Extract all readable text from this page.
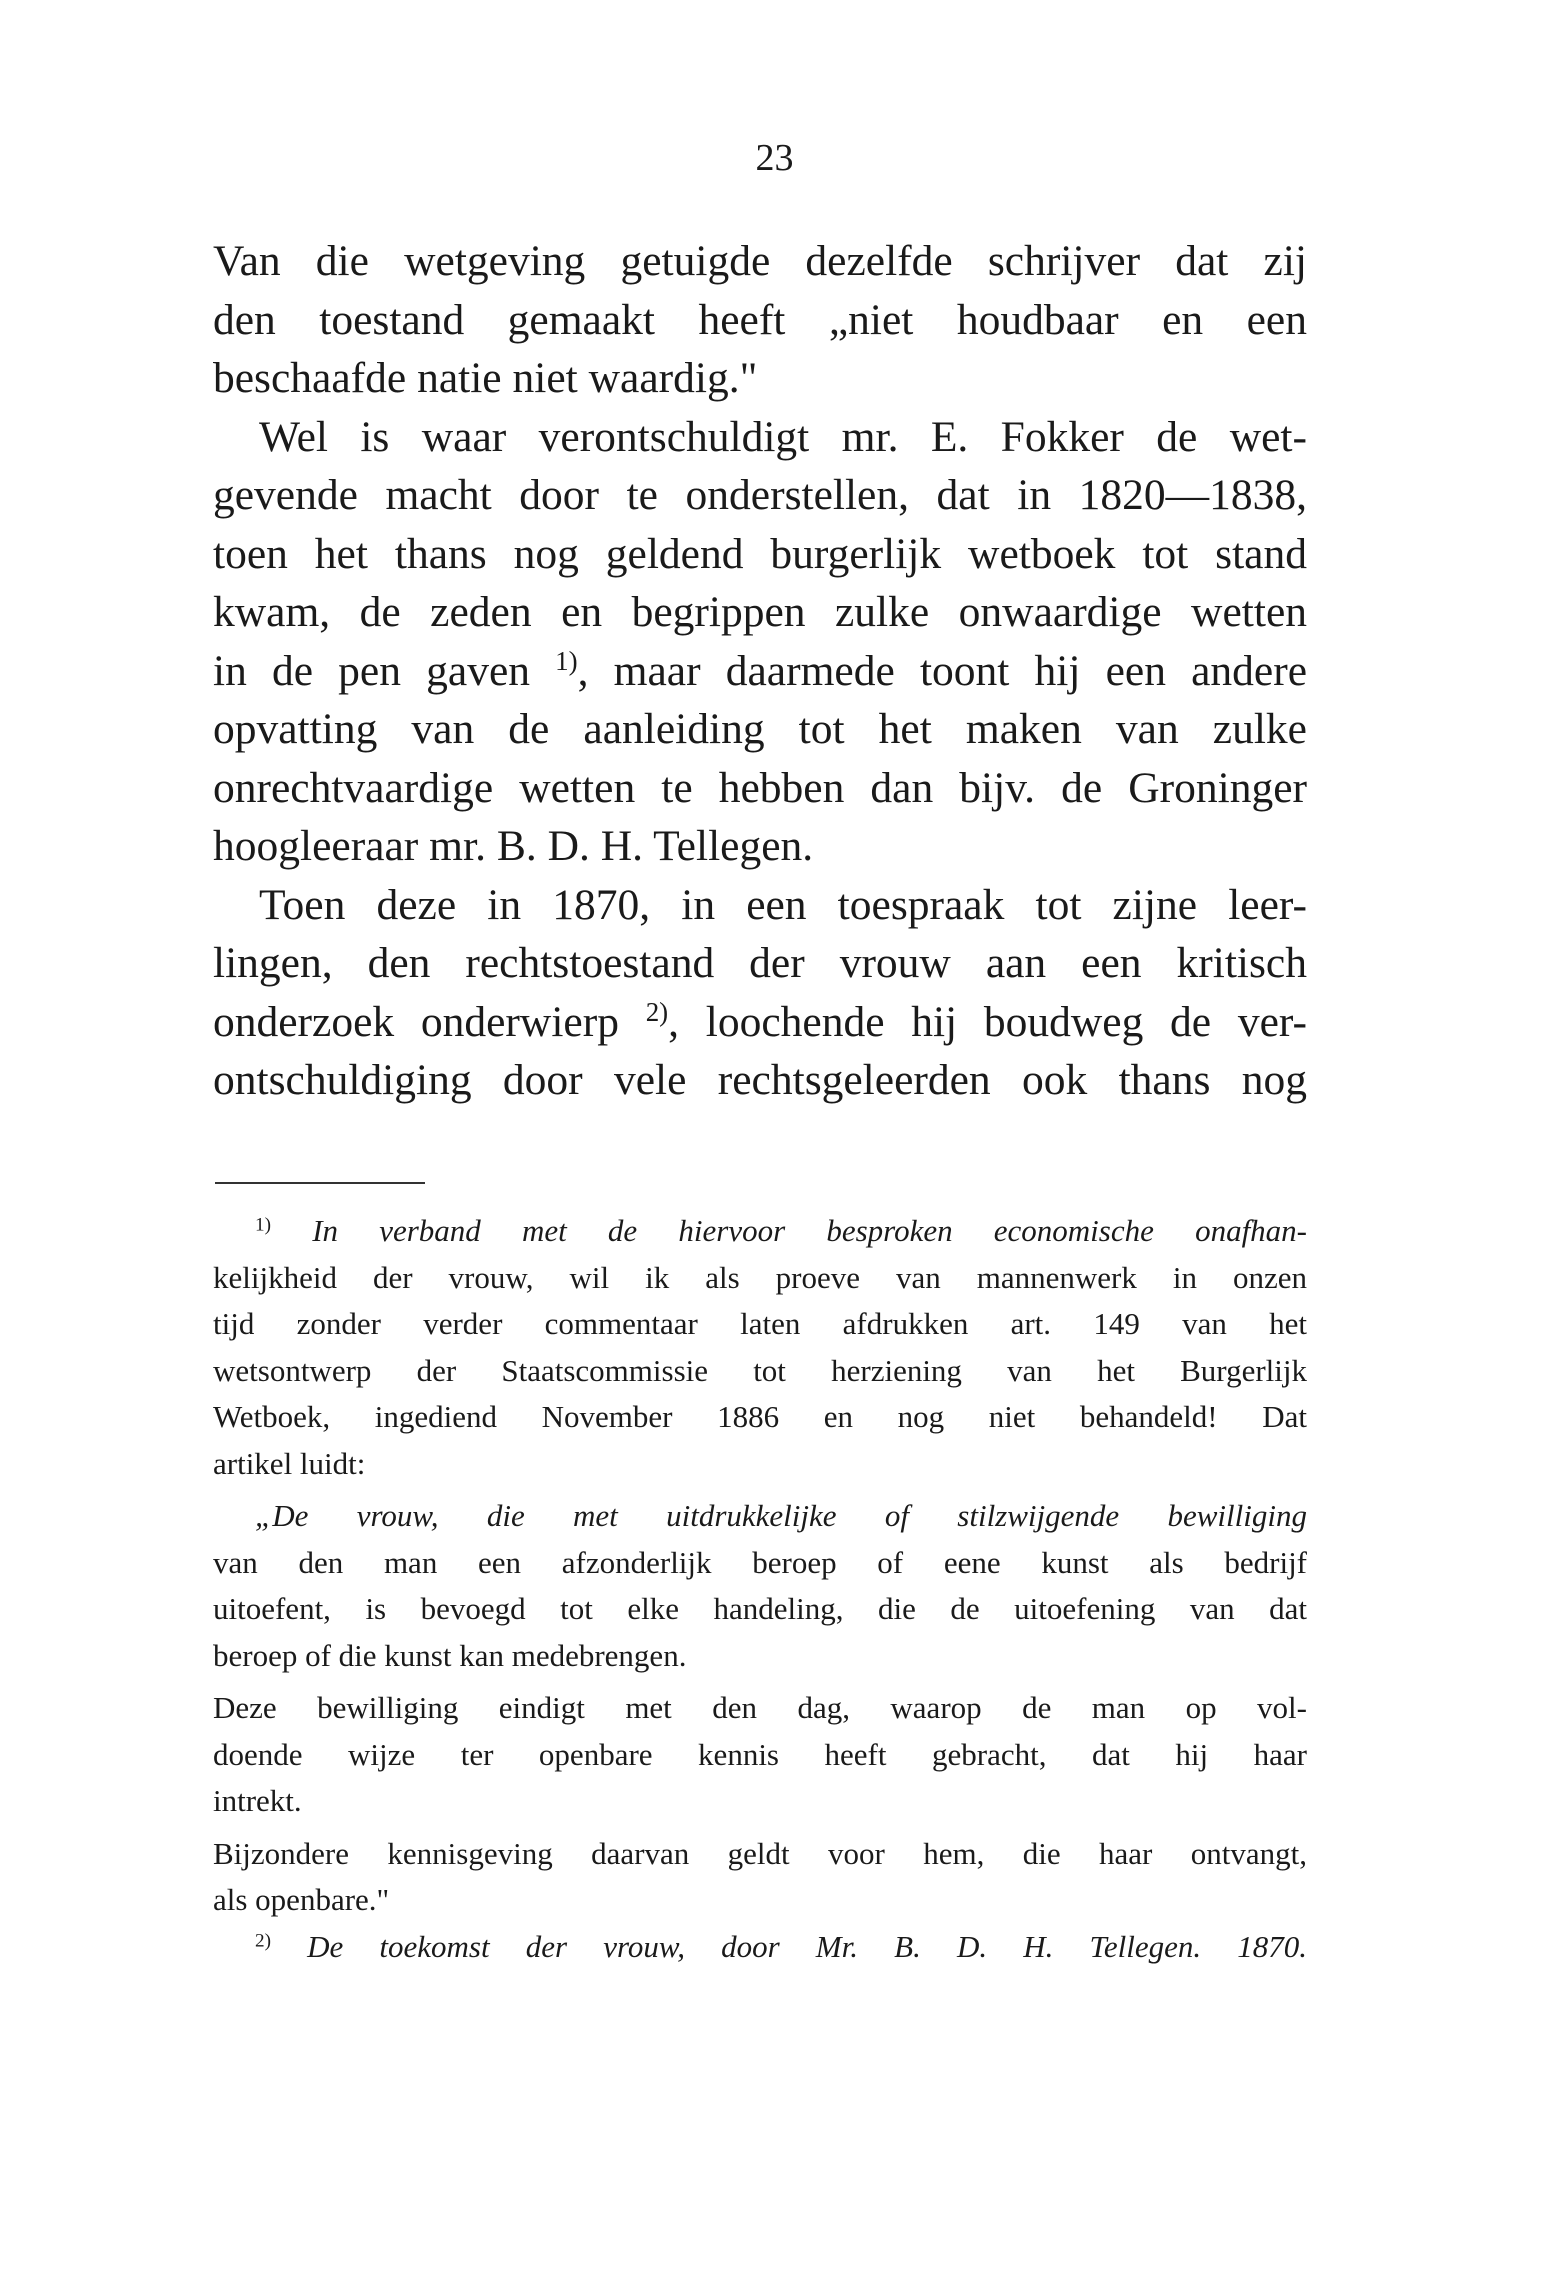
23
Van die wetgeving getuigde dezelfde schrijver dat zij
den toestand gemaakt heeft „niet houdbaar en een
beschaafde natie niet waardig."
Wel is waar verontschuldigt mr. E. Fokker de wet-
gevende macht door te onderstellen, dat in 1820—1838,
toen het thans nog geldend burgerlijk wetboek tot stand
kwam, de zeden en begrippen zulke onwaardige wetten
in de pen gaven $^{1)}$, maar daarmede toont hij een andere
opvatting van de aanleiding tot het maken van zulke
onrechtvaardige wetten te hebben dan bijv. de Groninger
hoogleeraar mr. B. D. H. Tellegen.
Toen deze in 1870, in een toespraak tot zijne leer-
lingen, den rechtstoestand der vrouw aan een kritisch
onderzoek onderwierp $^{2)}$, loochende hij boudweg de ver-
ontschuldiging door vele rechtsgeleerden ook thans nog
$^{1)}$ In verband met de hiervoor besproken economische onafhan-
kelijkheid der vrouw, wil ik als proeve van mannenwerk in onzen
tijd zonder verder commentaar laten afdrukken art. 149 van het
wetsontwerp der Staatscommissie tot herziening van het Burgerlijk
Wetboek, ingediend November 1886 en nog niet behandeld! Dat
artikel luidt:
„De vrouw, die met uitdrukkelijke of stilzwijgende bewilliging
van den man een afzonderlijk beroep of eene kunst als bedrijf
uitoefent, is bevoegd tot elke handeling, die de uitoefening van dat
beroep of die kunst kan medebrengen.
Deze bewilliging eindigt met den dag, waarop de man op vol-
doende wijze ter openbare kennis heeft gebracht, dat hij haar
intrekt.
Bijzondere kennisgeving daarvan geldt voor hem, die haar ontvangt,
als openbare."
$^{2)}$ De toekomst der vrouw, door Mr. B. D. H. Tellegen. 1870.
